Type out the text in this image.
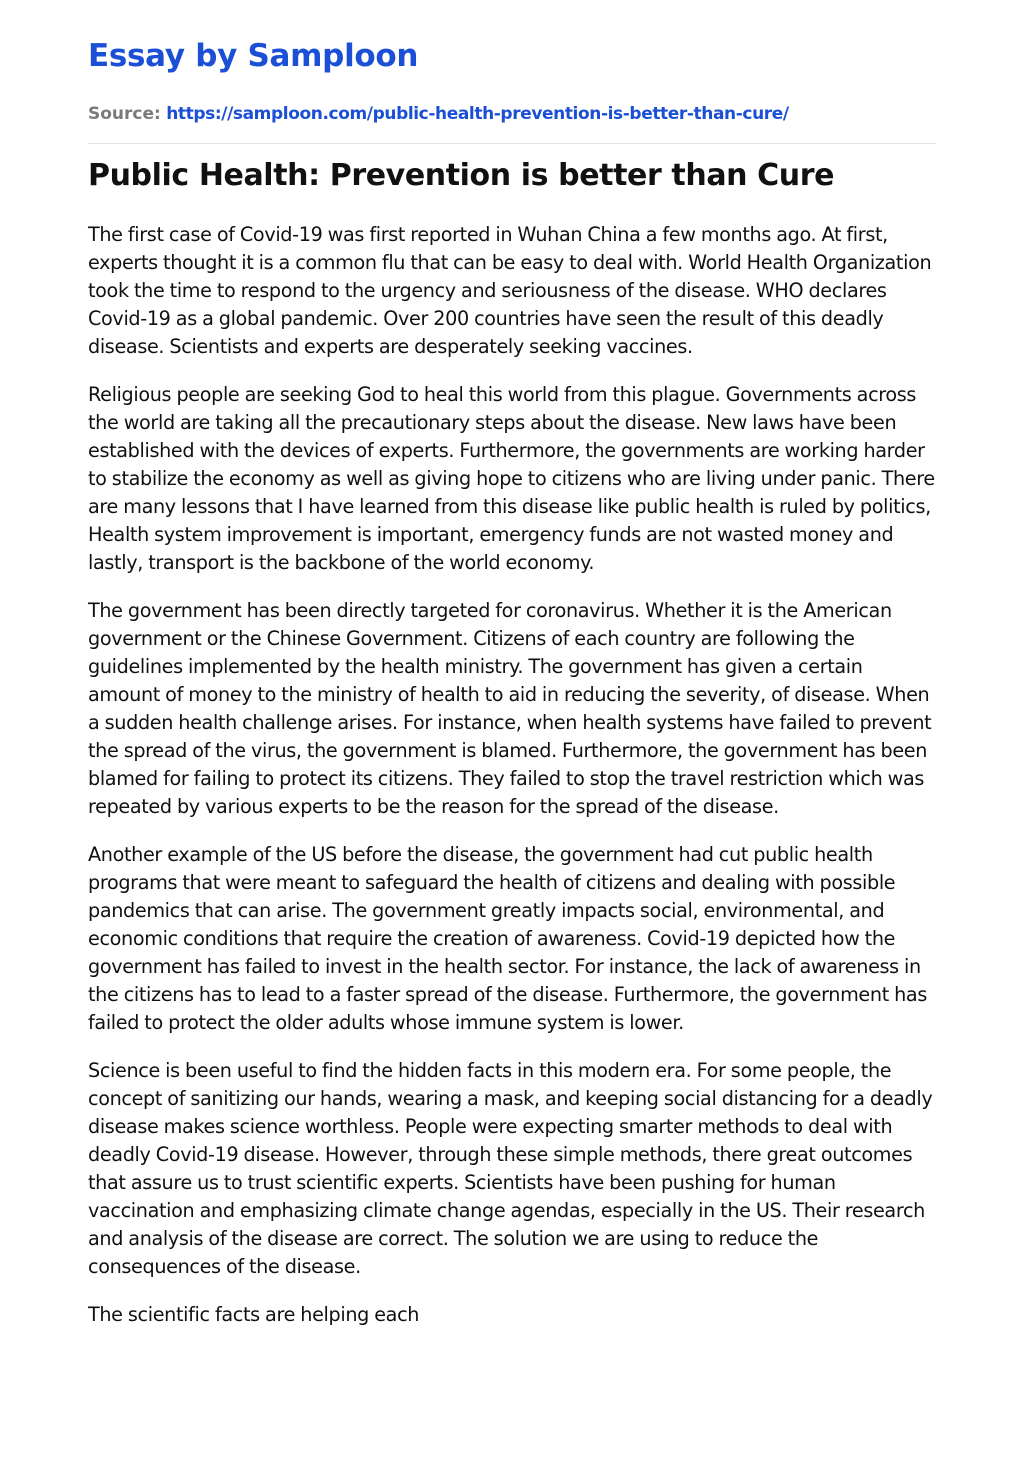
Essay by Samploon
Source: https://samploon.com/public-health-prevention-is-better-than-cure/
Public Health: Prevention is better than Cure

The first case of Covid-19 was first reported in Wuhan China a few months ago. At first, experts thought it is a common flu that can be easy to deal with. World Health Organization took the time to respond to the urgency and seriousness of the disease. WHO declares Covid-19 as a global pandemic. Over 200 countries have seen the result of this deadly disease. Scientists and experts are desperately seeking vaccines.

Religious people are seeking God to heal this world from this plague. Governments across the world are taking all the precautionary steps about the disease. New laws have been established with the devices of experts. Furthermore, the governments are working harder to stabilize the economy as well as giving hope to citizens who are living under panic. There are many lessons that I have learned from this disease like public health is ruled by politics, Health system improvement is important, emergency funds are not wasted money and lastly, transport is the backbone of the world economy.

The government has been directly targeted for coronavirus. Whether it is the American government or the Chinese Government. Citizens of each country are following the guidelines implemented by the health ministry. The government has given a certain amount of money to the ministry of health to aid in reducing the severity, of disease. When a sudden health challenge arises. For instance, when health systems have failed to prevent the spread of the virus, the government is blamed. Furthermore, the government has been blamed for failing to protect its citizens. They failed to stop the travel restriction which was repeated by various experts to be the reason for the spread of the disease.

Another example of the US before the disease, the government had cut public health programs that were meant to safeguard the health of citizens and dealing with possible pandemics that can arise. The government greatly impacts social, environmental, and economic conditions that require the creation of awareness. Covid-19 depicted how the government has failed to invest in the health sector. For instance, the lack of awareness in the citizens has to lead to a faster spread of the disease. Furthermore, the government has failed to protect the older adults whose immune system is lower.

Science is been useful to find the hidden facts in this modern era. For some people, the concept of sanitizing our hands, wearing a mask, and keeping social distancing for a deadly disease makes science worthless. People were expecting smarter methods to deal with deadly Covid-19 disease. However, through these simple methods, there great outcomes that assure us to trust scientific experts. Scientists have been pushing for human vaccination and emphasizing climate change agendas, especially in the US. Their research and analysis of the disease are correct. The solution we are using to reduce the consequences of the disease.

The scientific facts are helping each
